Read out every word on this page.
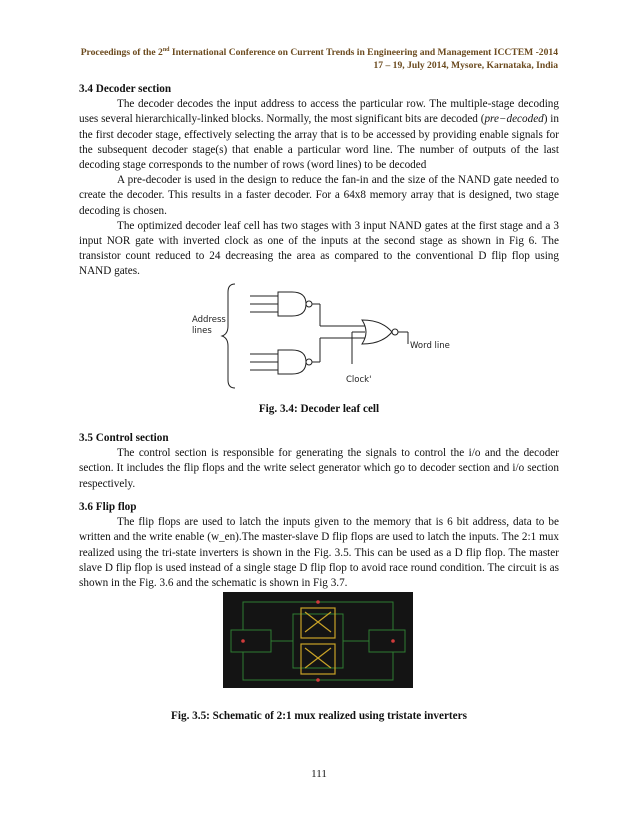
Proceedings of the 2nd International Conference on Current Trends in Engineering and Management ICCTEM -2014
17 – 19, July 2014, Mysore, Karnataka, India

3.4 Decoder section

The decoder decodes the input address to access the particular row. The multiple-stage decoding uses several hierarchically-linked blocks. Normally, the most significant bits are decoded (pre−decoded) in the first decoder stage, effectively selecting the array that is to be accessed by providing enable signals for the subsequent decoder stage(s) that enable a particular word line. The number of outputs of the last decoding stage corresponds to the number of rows (word lines) to be decoded

A pre-decoder is used in the design to reduce the fan-in and the size of the NAND gate needed to create the decoder. This results in a faster decoder. For a 64x8 memory array that is designed, two stage decoding is chosen.

The optimized decoder leaf cell has two stages with 3 input NAND gates at the first stage and a 3 input NOR gate with inverted clock as one of the inputs at the second stage as shown in Fig 6. The transistor count reduced to 24 decreasing the area as compared to the conventional D flip flop using NAND gates.

Address
lines
Word line
Clock'
Fig. 3.4: Decoder leaf cell

3.5 Control section

The control section is responsible for generating the signals to control the i/o and the decoder section. It includes the flip flops and the write select generator which go to decoder section and i/o section respectively.

3.6 Flip flop

The flip flops are used to latch the inputs given to the memory that is 6 bit address, data to be written and the write enable (w_en).The master-slave D flip flops are used to latch the inputs. The 2:1 mux realized using the tri-state inverters is shown in the Fig. 3.5. This can be used as a D flip flop. The master slave D flip flop is used instead of a single stage D flip flop to avoid race round condition. The circuit is as shown in the Fig. 3.6 and the schematic is shown in Fig 3.7.

Fig. 3.5: Schematic of 2:1 mux realized using tristate inverters
111
